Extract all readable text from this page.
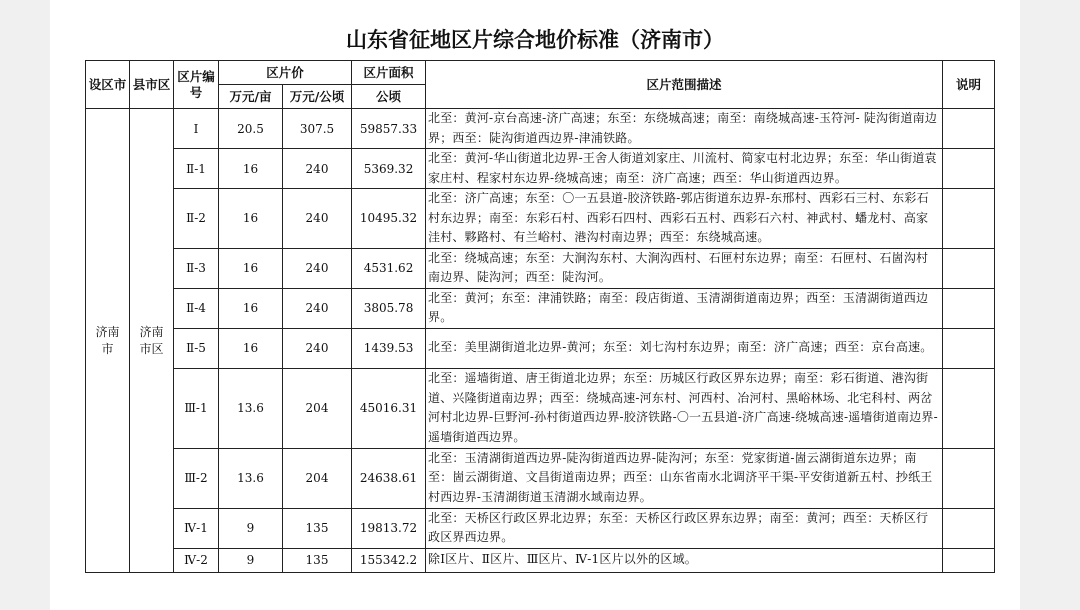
山东省征地区片综合地价标准（济南市）
设区市	县市区	区片编号	区片价		区片面积	区片范围描述	说明
			万元/亩	万元/公顷	公顷		
济南市	济南市区	Ⅰ	20.5	307.5	59857.33	北至：黄河-京台高速-济广高速；东至：东绕城高速；南至：南绕城高速-玉符河- 陡沟街道南边界；西至：陡沟街道西边界-津浦铁路。	
		Ⅱ-1	16	240	5369.32	北至：黄河-华山街道北边界-王舍人街道刘家庄、川流村、简家屯村北边界；东至：华山街道袁家庄村、程家村东边界-绕城高速；南至：济广高速；西至：华山街道西边界。	
		Ⅱ-2	16	240	10495.32	北至：济广高速；东至：〇一五县道-胶济铁路-郭店街道东边界-东邢村、西彩石三村、东彩石村东边界；南至：东彩石村、西彩石四村、西彩石五村、西彩石六村、神武村、蟠龙村、高家洼村、夥路村、有兰峪村、港沟村南边界；西至：东绕城高速。	
		Ⅱ-3	16	240	4531.62	北至：绕城高速；东至：大涧沟东村、大涧沟西村、石匣村东边界；南至：石匣村、石崮沟村南边界、陡沟河；西至：陡沟河。	
		Ⅱ-4	16	240	3805.78	北至：黄河；东至：津浦铁路；南至：段店街道、玉清湖街道南边界；西至：玉清湖街道西边界。	
		Ⅱ-5	16	240	1439.53	北至：美里湖街道北边界-黄河；东至：刘七沟村东边界；南至：济广高速；西至：京台高速。	
		Ⅲ-1	13.6	204	45016.31	北至：遥墙街道、唐王街道北边界；东至：历城区行政区界东边界；南至：彩石街道、港沟街道、兴隆街道南边界；西至：绕城高速-河东村、河西村、冶河村、黑峪林场、北宅科村、两岔河村北边界-巨野河-孙村街道西边界-胶济铁路-〇一五县道-济广高速-绕城高速-遥墙街道南边界-遥墙街道西边界。	
		Ⅲ-2	13.6	204	24638.61	北至：玉清湖街道西边界-陡沟街道西边界-陡沟河；东至：党家街道-崮云湖街道东边界；南至：崮云湖街道、文昌街道南边界；西至：山东省南水北调济平干渠-平安街道新五村、抄纸王村西边界-玉清湖街道玉清湖水域南边界。	
		Ⅳ-1	9	135	19813.72	北至：天桥区行政区界北边界；东至：天桥区行政区界东边界；南至：黄河；西至：天桥区行政区界西边界。	
		Ⅳ-2	9	135	155342.2	除Ⅰ区片、Ⅱ区片、Ⅲ区片、Ⅳ-1区片以外的区域。	
